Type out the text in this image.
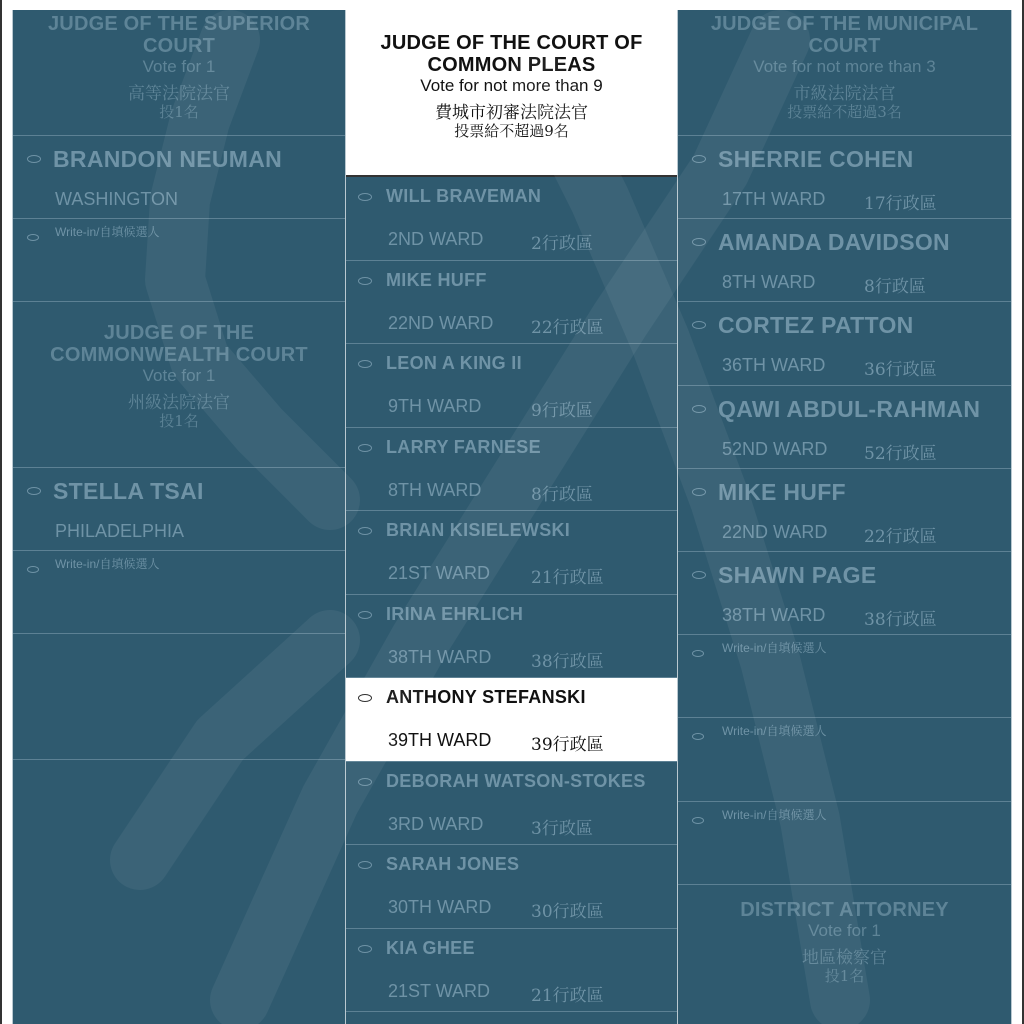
JUDGE OF THE SUPERIOR
COURT
Vote for 1
高等法院法官
投1名
BRANDON NEUMAN
WASHINGTON
Write-in/自填候選人
JUDGE OF THE
COMMONWEALTH COURT
Vote for 1
州級法院法官
投1名
STELLA TSAI
PHILADELPHIA
Write-in/自填候選人
JUDGE OF THE COURT OF
COMMON PLEAS
Vote for not more than 9
費城市初審法院法官
投票給不超過9名
WILL BRAVEMAN
2ND WARD	2行政區
MIKE HUFF
22ND WARD 22行政區
LEON A KING II
9TH WARD	9行政區
LARRY FARNESE
8TH WARD	8行政區
BRIAN KISIELEWSKI
21ST WARD 21行政區
IRINA EHRLICH
38TH WARD 38行政區
ANTHONY STEFANSKI
39TH WARD 39行政區
DEBORAH WATSON-STOKES
3RD WARD	3行政區
SARAH JONES
30TH WARD 30行政區
KIA GHEE
21ST WARD 21行政區
JUDGE OF THE MUNICIPAL
COURT
Vote for not more than 3
市級法院法官
投票給不超過3名
SHERRIE COHEN
17TH WARD 17行政區
AMANDA DAVIDSON
8TH WARD	8行政區
CORTEZ PATTON
36TH WARD 36行政區
QAWI ABDUL-RAHMAN
52ND WARD 52行政區
MIKE HUFF
22ND WARD 22行政區
SHAWN PAGE
38TH WARD 38行政區
Write-in/自填候選人
Write-in/自填候選人
Write-in/自填候選人
DISTRICT ATTORNEY
Vote for 1
地區檢察官
投1名
